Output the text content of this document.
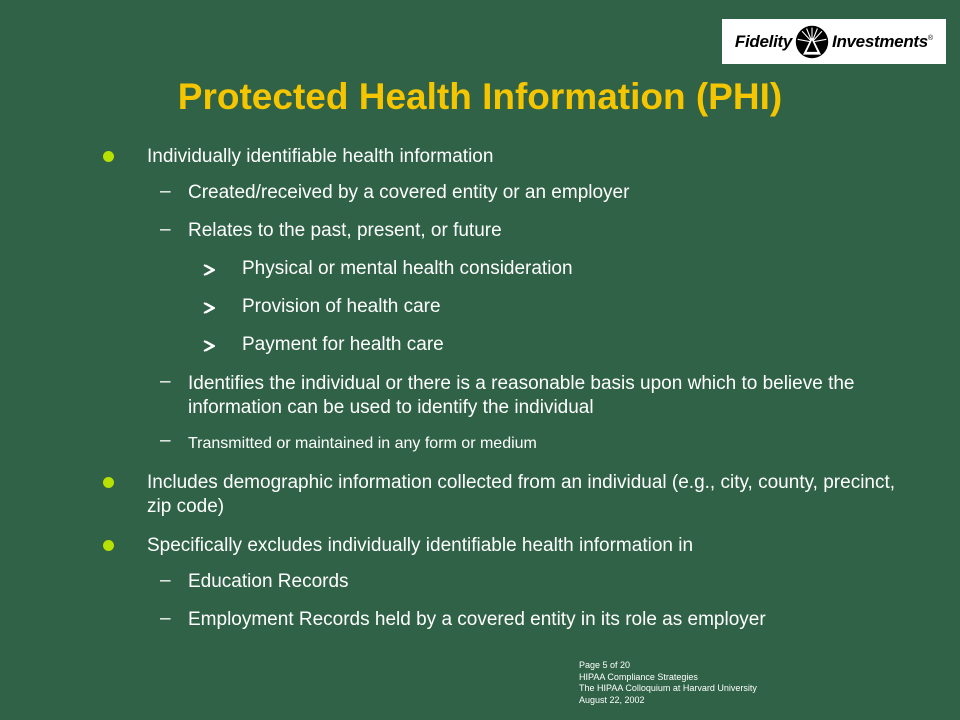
Fidelity Investments ®
Protected Health Information (PHI)
Individually identifiable health information
– Created/received by a covered entity or an employer
– Relates to the past, present, or future
Physical or mental health consideration
Provision of health care
Payment for health care
– Identifies the individual or there is a reasonable basis upon which to believe the information can be used to identify the individual
– Transmitted or maintained in any form or medium
Includes demographic information collected from an individual (e.g., city, county, precinct, zip code)
Specifically excludes individually identifiable health information in
– Education Records
– Employment Records held by a covered entity in its role as employer
Page 5 of 20
HIPAA Compliance Strategies
The HIPAA Colloquium at Harvard University
August 22, 2002
